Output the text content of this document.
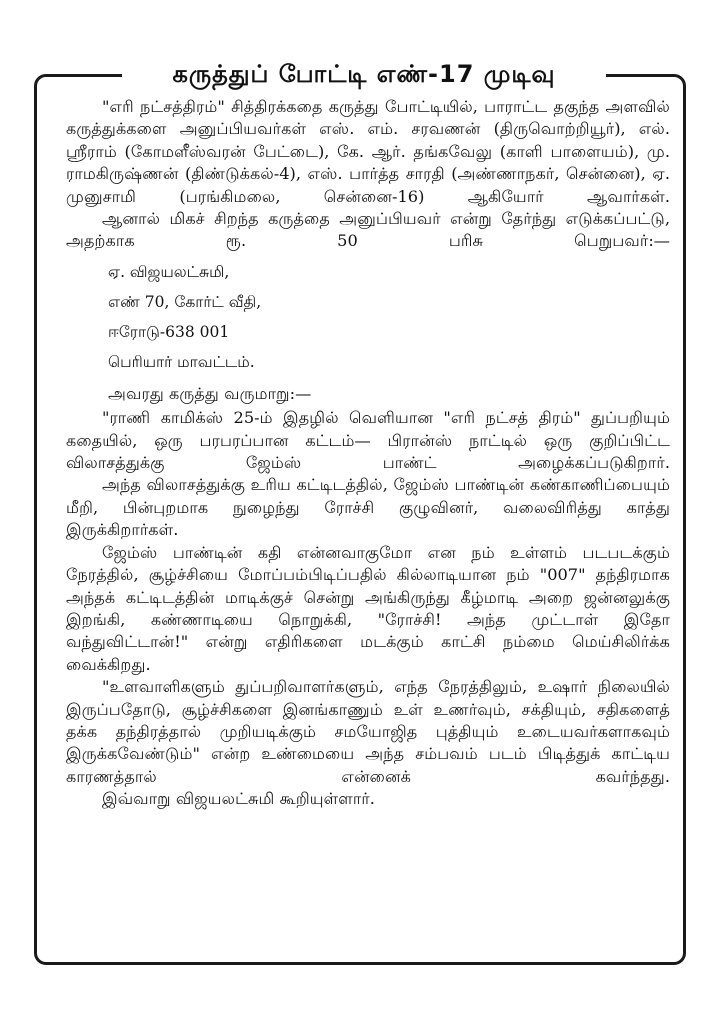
கருத்துப் போட்டி எண்-17 முடிவு

"எரி நட்சத்திரம்" சித்திரக்கதை கருத்து போட்டியில், பாராட்ட தகுந்த அளவில் கருத்துக்களை அனுப்பியவர்கள் எஸ். எம். சரவணன் (திருவொற்றியூர்), எல். ஸ்ரீராம் (கோமளீஸ்வரன் பேட்டை), கே. ஆர். தங்கவேலு (காளி பாளையம்), மு. ராமகிருஷ்ணன் (திண்டுக்கல்-4), எஸ். பார்த்த சாரதி (அண்ணாநகர், சென்னை), ஏ. முனுசாமி (பரங்கிமலை, சென்னை-16) ஆகியோர் ஆவார்கள்.

ஆனால் மிகச் சிறந்த கருத்தை அனுப்பியவர் என்று தேர்ந்து எடுக்கப்பட்டு, அதற்காக ரூ. 50 பரிசு பெறுபவர்:—

ஏ. விஜயலட்சுமி,
எண் 70, கோர்ட் வீதி,
ஈரோடு-638 001
பெரியார் மாவட்டம்.

அவரது கருத்து வருமாறு:—

"ராணி காமிக்ஸ் 25-ம் இதழில் வெளியான "எரி நட்சத் திரம்" துப்பறியும் கதையில், ஒரு பரபரப்பான கட்டம்— பிரான்ஸ் நாட்டில் ஒரு குறிப்பிட்ட விலாசத்துக்கு ஜேம்ஸ் பாண்ட் அழைக்கப்படுகிறார்.

அந்த விலாசத்துக்கு உரிய கட்டிடத்தில், ஜேம்ஸ் பாண்டின் கண்காணிப்பையும் மீறி, பின்புறமாக நுழைந்து ரோச்சி குழுவினர், வலைவிரித்து காத்து இருக்கிறார்கள்.

ஜேம்ஸ் பாண்டின் கதி என்னவாகுமோ என நம் உள்ளம் படபடக்கும் நேரத்தில், சூழ்ச்சியை மோப்பம்பிடிப்பதில் கில்லாடியான நம் "007" தந்திரமாக அந்தக் கட்டிடத்தின் மாடிக்குச் சென்று அங்கிருந்து கீழ்மாடி அறை ஜன்னலுக்கு இறங்கி, கண்ணாடியை நொறுக்கி, "ரோச்சி! அந்த முட்டாள் இதோ வந்துவிட்டான்!" என்று எதிரிகளை மடக்கும் காட்சி நம்மை மெய்சிலிர்க்க வைக்கிறது.

"உளவாளிகளும் துப்பறிவாளர்களும், எந்த நேரத்திலும், உஷார் நிலையில் இருப்பதோடு, சூழ்ச்சிகளை இனங்காணும் உள் உணர்வும், சக்தியும், சதிகளைத் தக்க தந்திரத்தால் முறியடிக்கும் சமயோஜித புத்தியும் உடையவர்களாகவும் இருக்கவேண்டும்" என்ற உண்மையை அந்த சம்பவம் படம் பிடித்துக் காட்டிய காரணத்தால் என்னைக் கவர்ந்தது.

இவ்வாறு விஜயலட்சுமி கூறியுள்ளார்.
